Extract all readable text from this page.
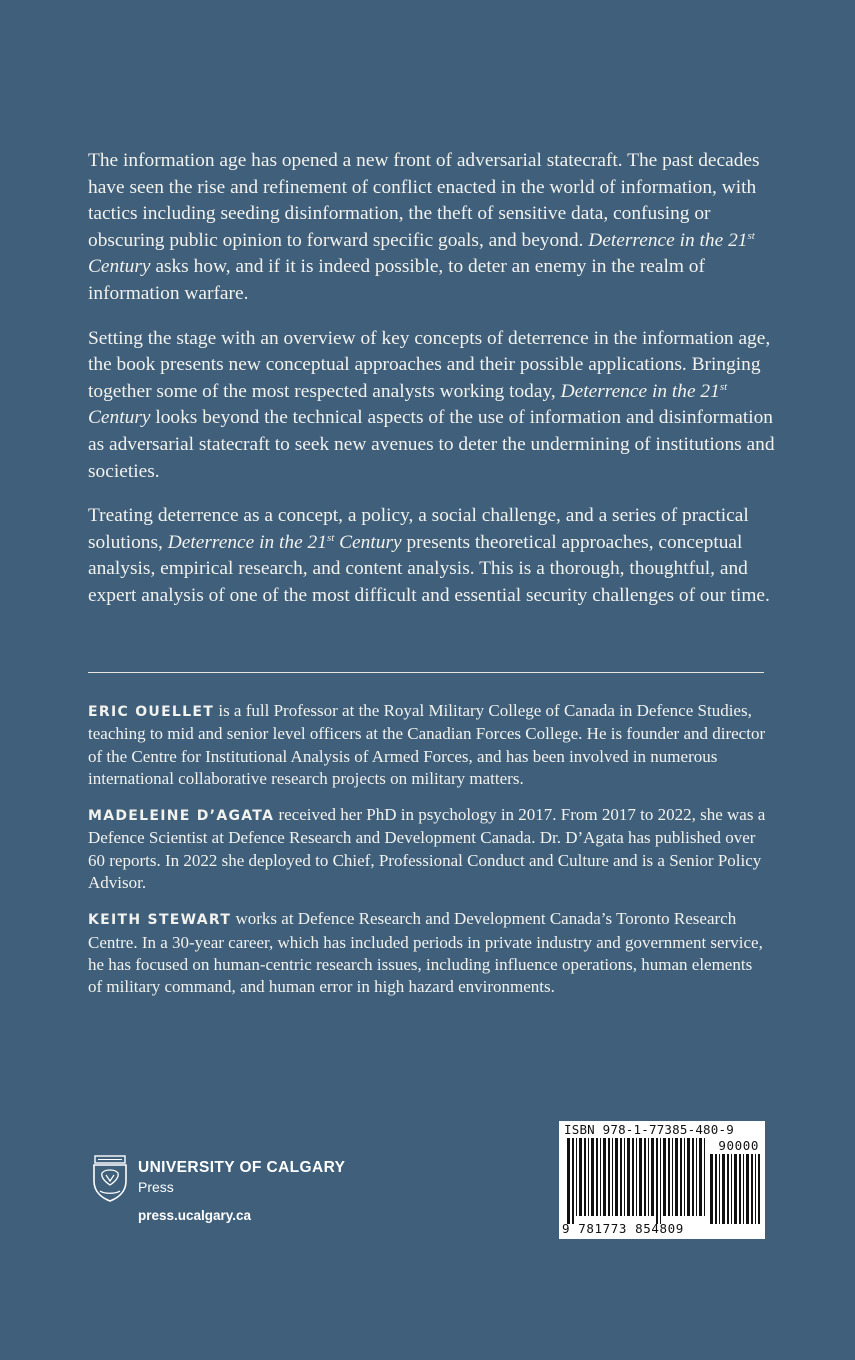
The information age has opened a new front of adversarial statecraft. The past decades have seen the rise and refinement of conflict enacted in the world of information, with tactics including seeding disinformation, the theft of sensitive data, confusing or obscuring public opinion to forward specific goals, and beyond. Deterrence in the 21st Century asks how, and if it is indeed possible, to deter an enemy in the realm of information warfare.

Setting the stage with an overview of key concepts of deterrence in the information age, the book presents new conceptual approaches and their possible applications. Bringing together some of the most respected analysts working today, Deterrence in the 21st Century looks beyond the technical aspects of the use of information and disinformation as adversarial statecraft to seek new avenues to deter the undermining of institutions and societies.

Treating deterrence as a concept, a policy, a social challenge, and a series of practical solutions, Deterrence in the 21st Century presents theoretical approaches, conceptual analysis, empirical research, and content analysis. This is a thorough, thoughtful, and expert analysis of one of the most difficult and essential security challenges of our time.

ERIC OUELLET is a full Professor at the Royal Military College of Canada in Defence Studies, teaching to mid and senior level officers at the Canadian Forces College. He is founder and director of the Centre for Institutional Analysis of Armed Forces, and has been involved in numerous international collaborative research projects on military matters.

MADELEINE D’AGATA received her PhD in psychology in 2017. From 2017 to 2022, she was a Defence Scientist at Defence Research and Development Canada. Dr. D’Agata has published over 60 reports. In 2022 she deployed to Chief, Professional Conduct and Culture and is a Senior Policy Advisor.

KEITH STEWART works at Defence Research and Development Canada’s Toronto Research Centre. In a 30-year career, which has included periods in private industry and government service, he has focused on human-centric research issues, including influence operations, human elements of military command, and human error in high hazard environments.

UNIVERSITY OF CALGARY
Press
press.ucalgary.ca
ISBN 978-1-77385-480-9
90000
9 781773 854809
